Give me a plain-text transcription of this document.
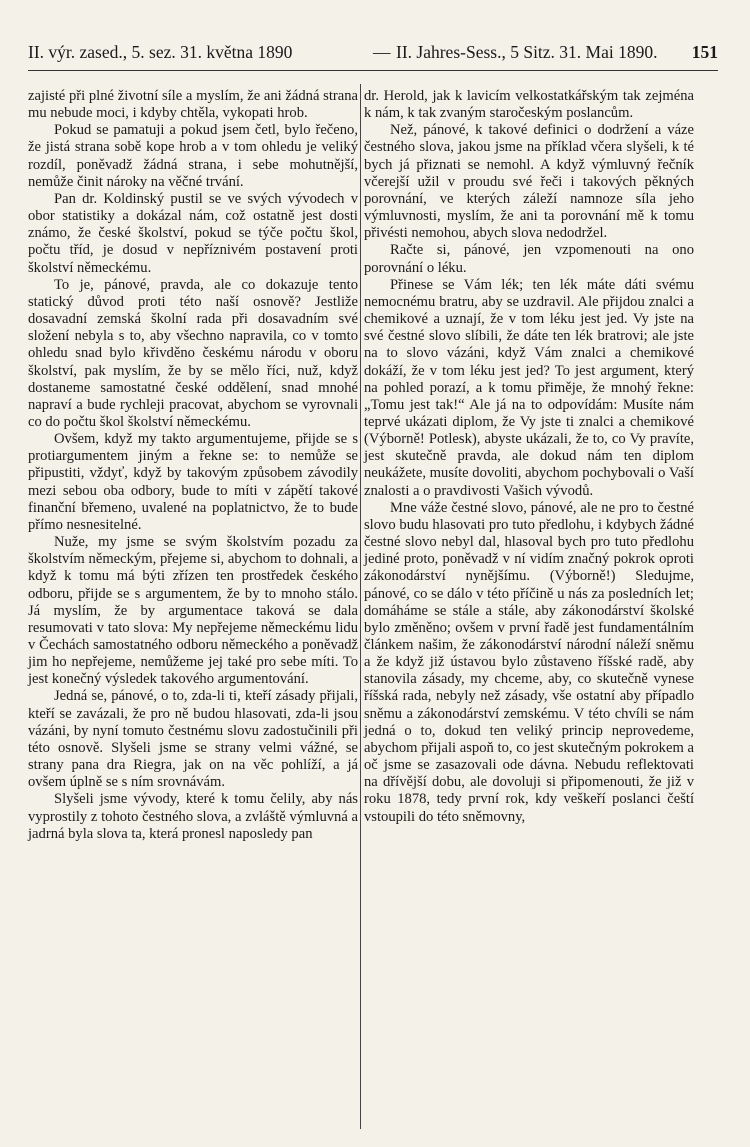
II. výr. zased., 5. sez. 31. května 1890	— II. Jahres-Sess., 5 Sitz. 31. Mai 1890. 151

zajisté při plné životní síle a myslím, že ani žádná strana mu nebude moci, i kdyby chtěla, vykopati hrob.

Pokud se pamatuji a pokud jsem četl, bylo řečeno, že jistá strana sobě kope hrob a v tom ohledu je veliký rozdíl, poněvadž žádná strana, i sebe mohutnější, nemůže činit nároky na věčné trvání.

Pan dr. Koldinský pustil se ve svých vývodech v obor statistiky a dokázal nám, což ostatně jest dosti známo, že české školství, pokud se týče počtu škol, počtu tříd, je dosud v nepříznivém postavení proti školství německému.

To je, pánové, pravda, ale co dokazuje tento statický důvod proti této naší osnově? Jestliže dosavadní zemská školní rada při dosavadním své složení nebyla s to, aby všechno napravila, co v tomto ohledu snad bylo křivděno českému národu v oboru školství, pak myslím, že by se mělo říci, nuž, když dostaneme samostatné české oddělení, snad mnohé napraví a bude rychleji pracovat, abychom se vyrovnali co do počtu škol školství německému.

Ovšem, když my takto argumentujeme, přijde se s protiargumentem jiným a řekne se: to nemůže se připustiti, vždyť, když by takovým způsobem závodily mezi sebou oba odbory, bude to míti v zápětí takové finanční břemeno, uvalené na poplatnictvo, že to bude přímo nesnesitelné.

Nuže, my jsme se svým školstvím pozadu za školstvím německým, přejeme si, abychom to dohnali, a když k tomu má býti zřízen ten prostředek českého odboru, přijde se s argumentem, že by to mnoho stálo. Já myslím, že by argumentace taková se dala resumovati v tato slova: My nepřejeme německému lidu v Čechách samostatného odboru německého a poněvadž jim ho nepřejeme, nemůžeme jej také pro sebe míti. To jest konečný výsledek takového argumentování.

Jedná se, pánové, o to, zda-li ti, kteří zásady přijali, kteří se zavázali, že pro ně budou hlasovati, zda-li jsou vázáni, by nyní tomuto čestnému slovu zadostučinili při této osnově. Slyšeli jsme se strany velmi vážné, se strany pana dra Riegra, jak on na věc pohlíží, a já ovšem úplně se s ním srovnávám.

Slyšeli jsme vývody, které k tomu čelily, aby nás vyprostily z tohoto čestného slova, a zvláště výmluvná a jadrná byla slova ta, která pronesl naposledy pan

dr. Herold, jak k lavicím velkostatkářským tak zejména k nám, k tak zvaným staročeským poslancům.

Než, pánové, k takové definici o dodržení a váze čestného slova, jakou jsme na příklad včera slyšeli, k té bych já přiznati se nemohl. A když výmluvný řečník včerejší užil v proudu své řeči i takových pěkných porovnání, ve kterých záleží namnoze síla jeho výmluvnosti, myslím, že ani ta porovnání mě k tomu přivésti nemohou, abych slova nedodržel.

Račte si, pánové, jen vzpomenouti na ono porovnání o léku.

Přinese se Vám lék; ten lék máte dáti svému nemocnému bratru, aby se uzdravil. Ale přijdou znalci a chemikové a uznají, že v tom léku jest jed. Vy jste na své čestné slovo slíbili, že dáte ten lék bratrovi; ale jste na to slovo vázáni, když Vám znalci a chemikové dokáží, že v tom léku jest jed? To jest argument, který na pohled porazí, a k tomu přimějе, že mnohý řekne: „Tomu jest tak!“ Ale já na to odpovídám: Musíte nám teprvé ukázati diplom, že Vy jste ti znalci a chemikové (Výborně! Potlesk), abyste ukázali, že to, co Vy pravíte, jest skutečně pravda, ale dokud nám ten diplom neukážete, musíte dovoliti, abychom pochybovali o Vaší znalosti a o pravdivosti Vašich vývodů.

Mne váže čestné slovo, pánové, ale ne pro to čestné slovo budu hlasovati pro tuto předlohu, i kdybych žádné čestné slovo nebyl dal, hlasoval bych pro tuto předlohu jediné proto, poněvadž v ní vidím značný pokrok oproti zákonodárství nynějšímu. (Výborně!) Sledujme, pánové, co se dálo v této příčině u nás za posledních let; domáháme se stále a stále, aby zákonodárství školské bylo změněno; ovšem v první řadě jest fundamentálním článkem našim, že zákonodárství národní náleží sněmu a že když již ústavou bylo zůstaveno říšské radě, aby stanovila zásady, my chceme, aby, co skutečně vynese říšská rada, nebyly než zásady, vše ostatní aby případlo sněmu a zákonodárství zemskému. V této chvíli se nám jedná o to, dokud ten veliký princip neprovedeme, abychom přijali aspoň to, co jest skutečným pokrokem a oč jsme se zasazovali ode dávna. Nebudu reflektovati na dřívější dobu, ale dovoluji si připomenouti, že již v roku 1878, tedy první rok, kdy veškeří poslanci čeští vstoupili do této sněmovny,
